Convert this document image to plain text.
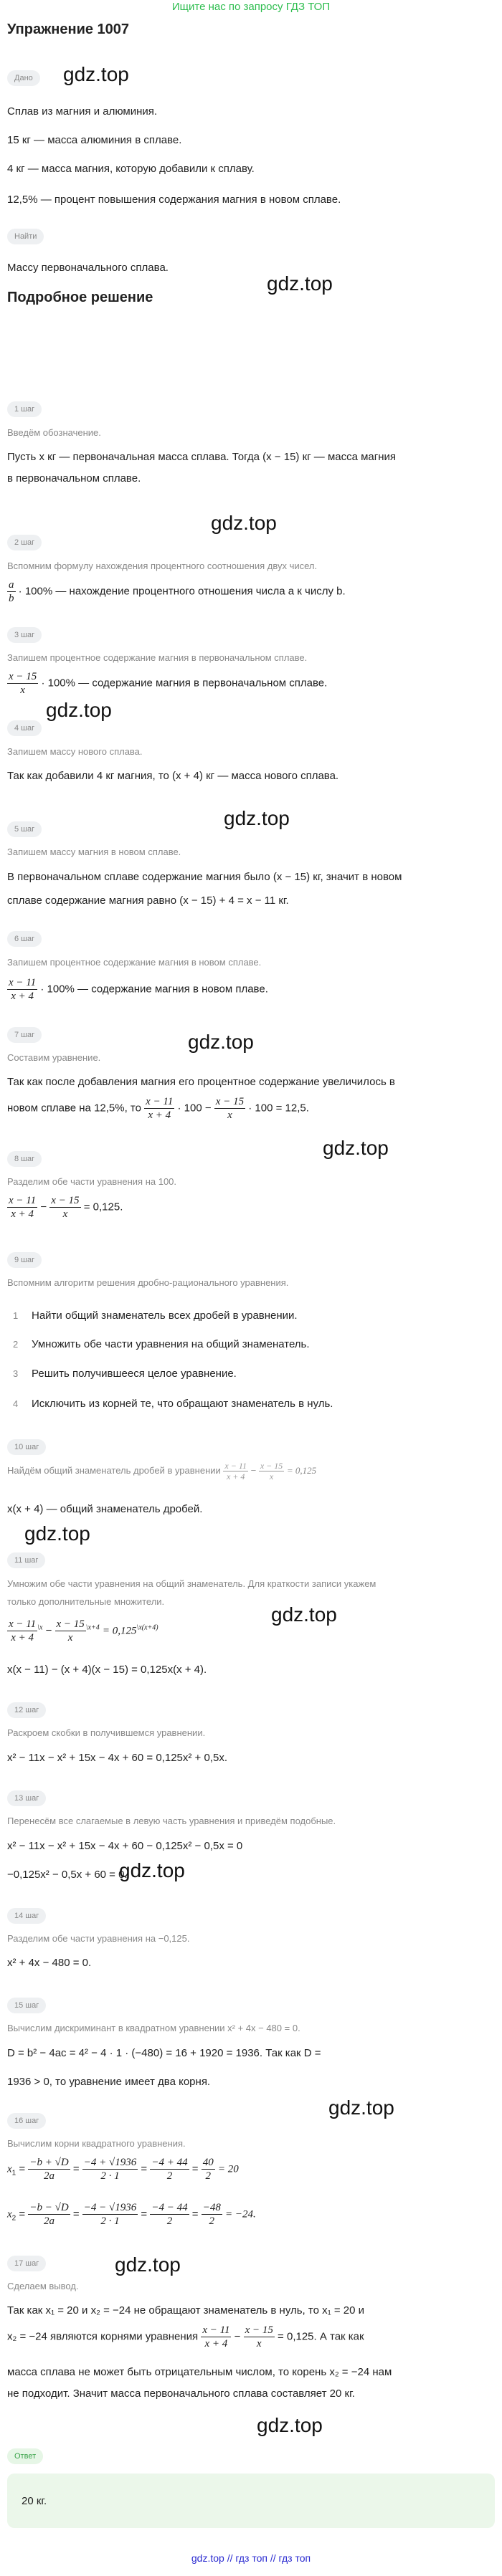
Ищите нас по запросу ГДЗ ТОП
Упражнение 1007
Дано	gdz.top
Сплав из магния и алюминия.
15 кг — масса алюминия в сплаве.
4 кг — масса магния, которую добавили к сплаву.
12,5% — процент повышения содержания магния в новом сплаве.
Найти
Массу первоначального сплава.
gdz.top
Подробное решение
1 шаг
Введём обозначение.
Пусть x кг — первоначальная масса сплава. Тогда (x − 15) кг — масса магния
в первоначальном сплаве.
gdz.top
2 шаг
Вспомним формулу нахождения процентного соотношения двух чисел.
$\frac{a}{b} \cdot 100\%$ — нахождение процентного отношения числа a к числу b.
3 шаг
Запишем процентное содержание магния в первоначальном сплаве.
$\frac{x - 15}{x} \cdot 100\%$ — содержание магния в первоначальном сплаве.
gdz.top
4 шаг
Запишем массу нового сплава.
Так как добавили 4 кг магния, то (x + 4) кг — масса нового сплава.
gdz.top
5 шаг
Запишем массу магния в новом сплаве.
В первоначальном сплаве содержание магния было (x − 15) кг, значит в новом
сплаве содержание магния равно (x − 15) + 4 = x − 11 кг.
6 шаг
Запишем процентное содержание магния в новом сплаве.
$\frac{x - 11}{x + 4} \cdot 100\%$ — содержание магния в новом плаве.
7 шаг	gdz.top
Составим уравнение.
Так как после добавления магния его процентное содержание увеличилось в
новом сплаве на 12,5%, то $\frac{x - 11}{x + 4} \cdot 100 - \frac{x - 15}{x} \cdot 100 = 12,5$.
gdz.top
8 шаг
Разделим обе части уравнения на 100.
$\frac{x - 11}{x + 4} - \frac{x - 15}{x} = 0,125$.
9 шаг
Вспомним алгоритм решения дробно-рационального уравнения.
1 Найти общий знаменатель всех дробей в уравнении.
2 Умножить обе части уравнения на общий знаменатель.
3 Решить получившееся целое уравнение.
4 Исключить из корней те, что обращают знаменатель в нуль.
10 шаг
Найдём общий знаменатель дробей в уравнении $\frac{x - 11}{x + 4} - \frac{x - 15}{x} = 0,125$
x(x + 4) — общий знаменатель дробей.
gdz.top
11 шаг
Умножим обе части уравнения на общий знаменатель. Для краткости записи укажем
только дополнительные множители.
gdz.top
$\frac{x - 11}{x + 4} ^{\backslash x} - \frac{x - 15}{x} ^{\backslash x+4} = 0,125^{\backslash x(x+4)}$
x(x − 11) − (x + 4)(x − 15) = 0,125x(x + 4).
12 шаг
Раскроем скобки в получившемся уравнении.
x² − 11x − x² + 15x − 4x + 60 = 0,125x² + 0,5x.
13 шаг
Перенесём все слагаемые в левую часть уравнения и приведём подобные.
x² − 11x − x² + 15x − 4x + 60 − 0,125x² − 0,5x = 0
−0,125x² − 0,5x + 60 = 0.
gdz.top
14 шаг
Разделим обе части уравнения на −0,125.
x² + 4x − 480 = 0.
15 шаг
Вычислим дискриминант в квадратном уравнении x² + 4x − 480 = 0.
D = b² − 4ac = 4² − 4 · 1 · (−480) = 16 + 1920 = 1936. Так как D =
1936 > 0, то уравнение имеет два корня.
gdz.top
16 шаг
Вычислим корни квадратного уравнения.
$x_1 = \frac{-b + √D}{2a} = \frac{-4 + √1936}{2 \cdot 1} = \frac{-4 + 44}{2} = \frac{40}{2} = 20$
$x_2 = \frac{-b - √D}{2a} = \frac{-4 - √1936}{2 \cdot 1} = \frac{-4 - 44}{2} = \frac{-48}{2} = -24$.
17 шаг	gdz.top
Сделаем вывод.
Так как x₁ = 20 и x₂ = −24 не обращают знаменатель в нуль, то x₁ = 20 и
x₂ = −24 являются корнями уравнения $\frac{x - 11}{x + 4} - \frac{x - 15}{x} = 0,125$. А так как
масса сплава не может быть отрицательным числом, то корень x₂ = −24 нам
не подходит. Значит масса первоначального сплава составляет 20 кг.
gdz.top
Ответ
20 кг.
gdz.top // гдз топ // гдз топ
